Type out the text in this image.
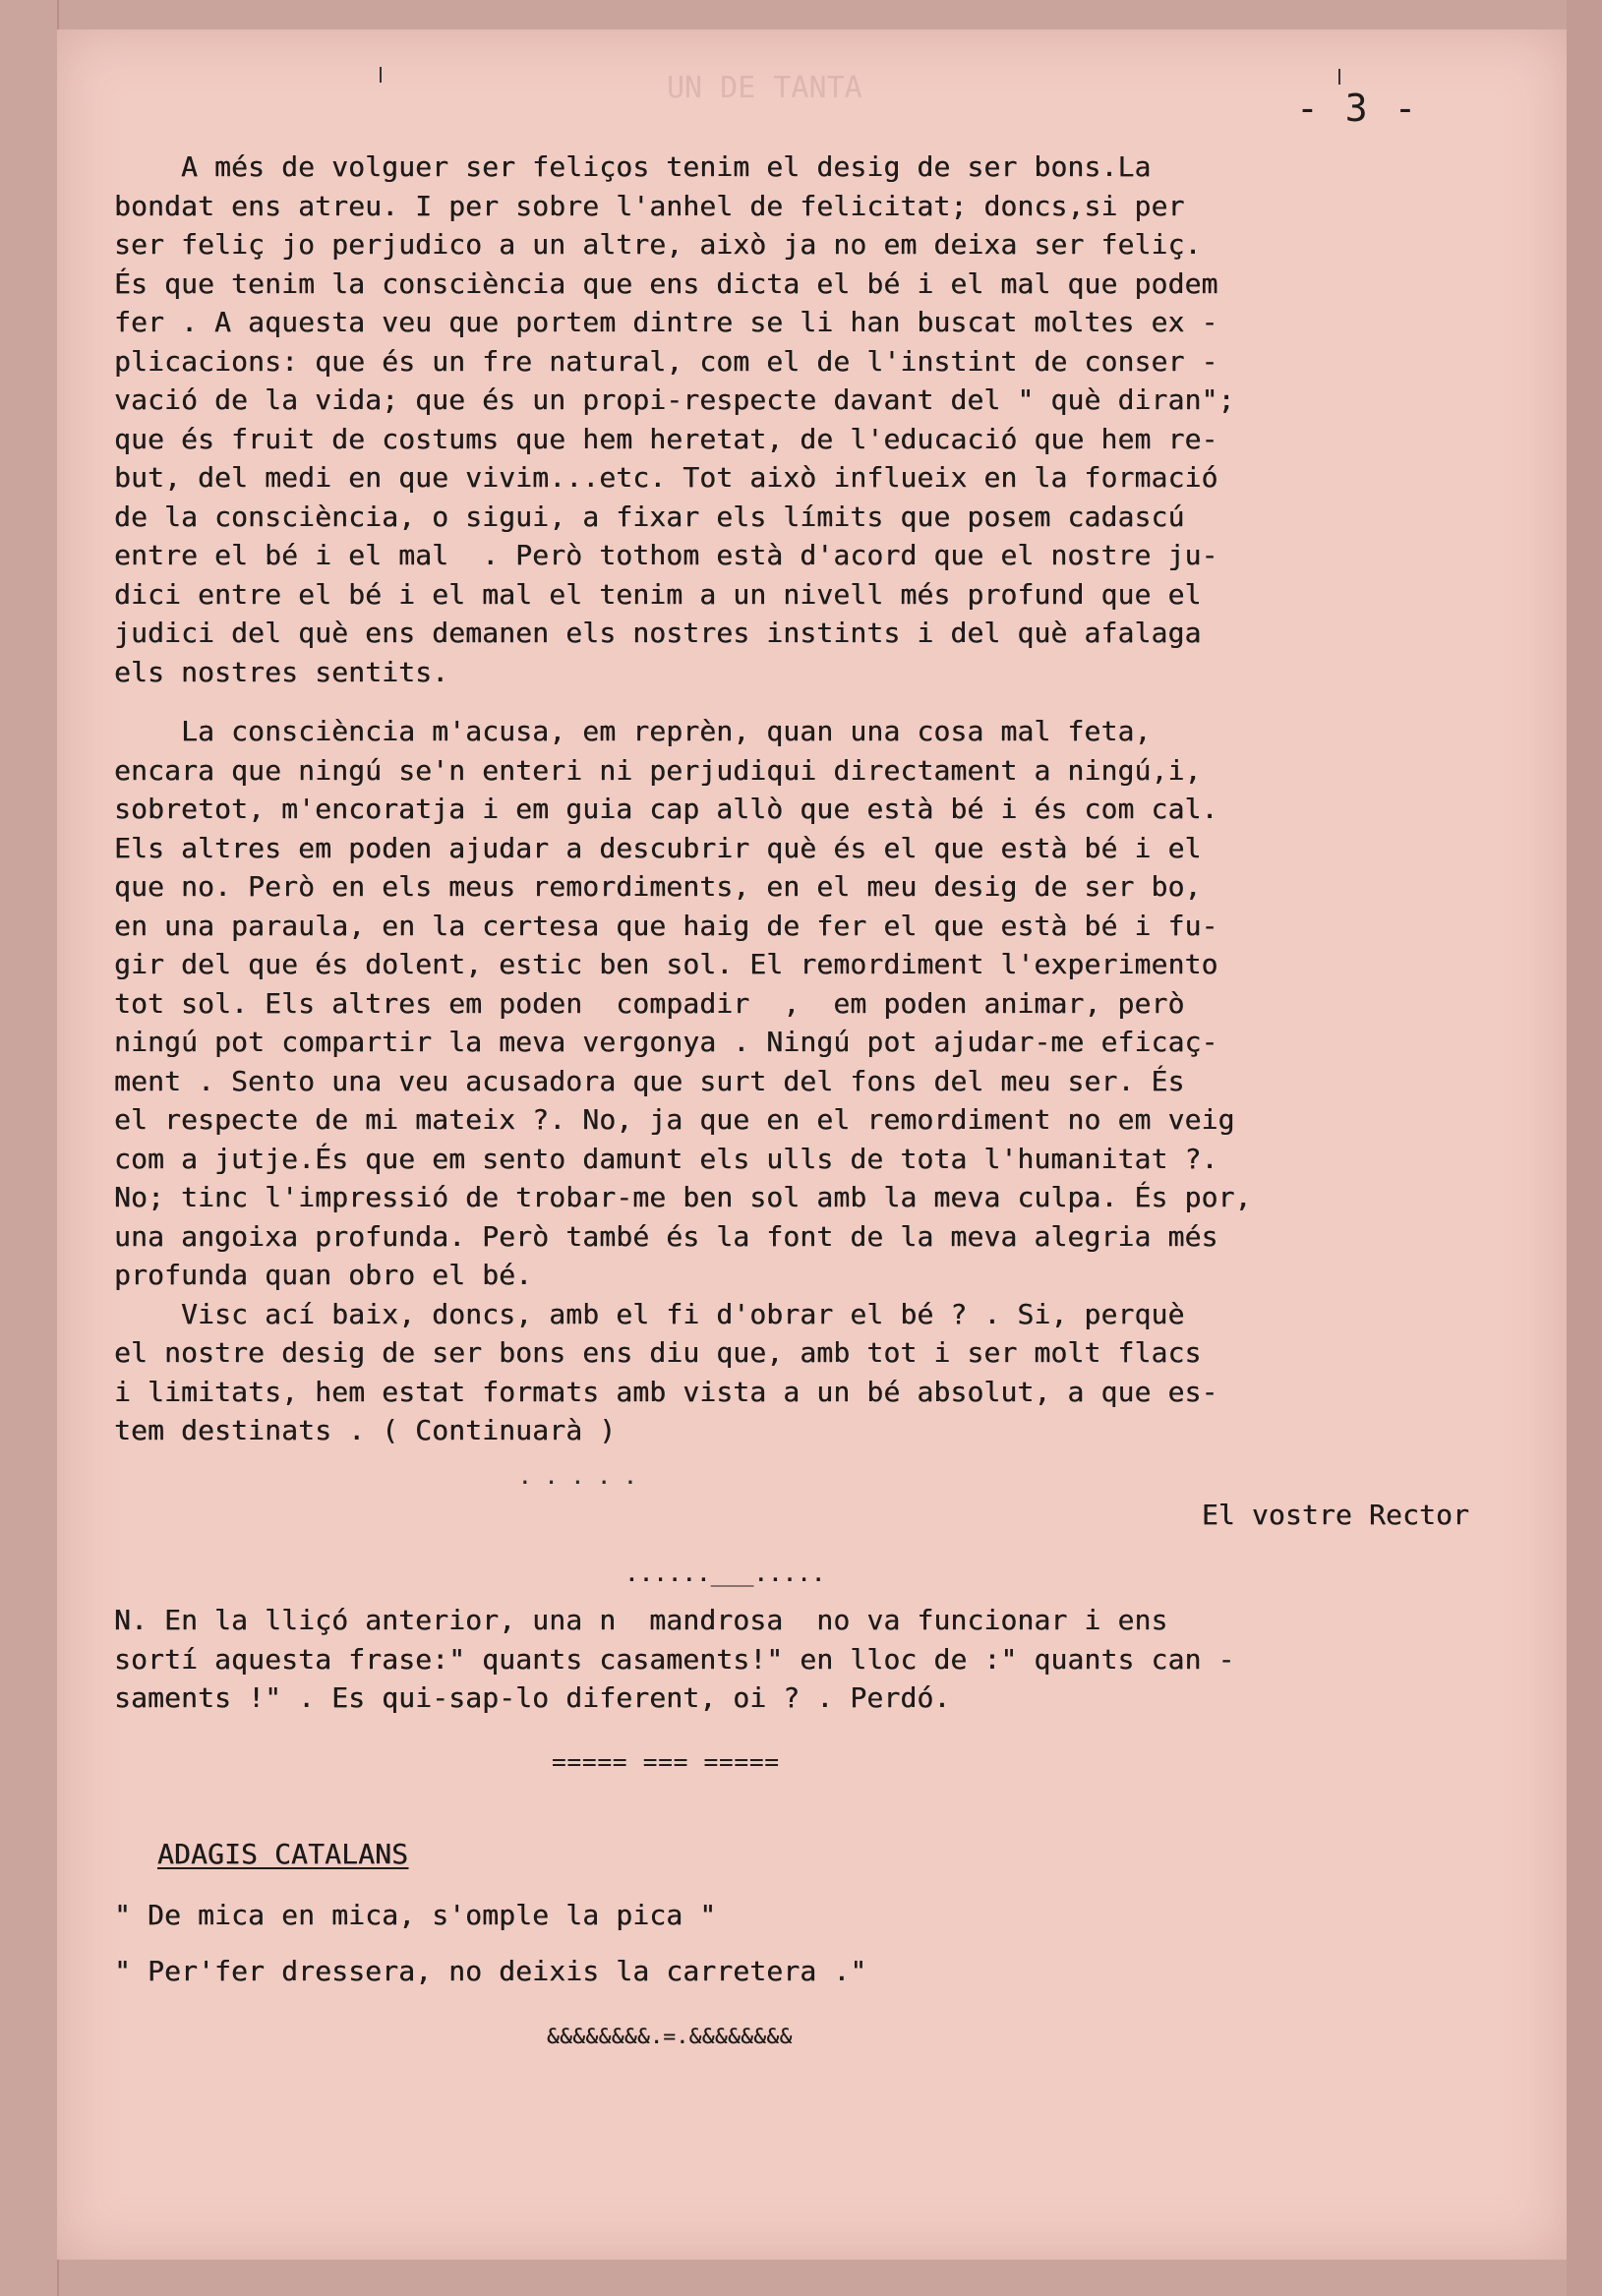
UN DE TANTA	- 3 -

A més de volguer ser feliços tenim el desig de ser bons.La
bondat ens atreu. I per sobre l'anhel de felicitat; doncs,si per
ser feliç jo perjudico a un altre, això ja no em deixa ser feliç.
És que tenim la consciència que ens dicta el bé i el mal que podem
fer . A aquesta veu que portem dintre se li han buscat moltes ex -
plicacions: que és un fre natural, com el de l'instint de conser -
vació de la vida; que és un propi-respecte davant del " què diran";
que és fruit de costums que hem heretat, de l'educació que hem re-
but, del medi en que vivim...etc. Tot això influeix en la formació
de la consciència, o sigui, a fixar els límits que posem cadascú
entre el bé i el mal  . Però tothom està d'acord que el nostre ju-
dici entre el bé i el mal el tenim a un nivell més profund que el
judici del què ens demanen els nostres instints i del què afalaga
els nostres sentits.

La consciència m'acusa, em reprèn, quan una cosa mal feta,
encara que ningú se'n enteri ni perjudiqui directament a ningú,i,
sobretot, m'encoratja i em guia cap allò que està bé i és com cal.
Els altres em poden ajudar a descubrir què és el que està bé i el
que no. Però en els meus remordiments, en el meu desig de ser bo,
en una paraula, en la certesa que haig de fer el que està bé i fu-
gir del que és dolent, estic ben sol. El remordiment l'experimento
tot sol. Els altres em poden  compadir  ,  em poden animar, però
ningú pot compartir la meva vergonya . Ningú pot ajudar-me eficaç-
ment . Sento una veu acusadora que surt del fons del meu ser. És
el respecte de mi mateix ?. No, ja que en el remordiment no em veig
com a jutje.És que em sento damunt els ulls de tota l'humanitat ?.
No; tinc l'impressió de trobar-me ben sol amb la meva culpa. És por,
una angoixa profunda. Però també és la font de la meva alegria més
profunda quan obro el bé.

Visc ací baix, doncs, amb el fi d'obrar el bé ? . Si, perquè
el nostre desig de ser bons ens diu que, amb tot i ser molt flacs
i limitats, hem estat formats amb vista a un bé absolut, a que es-
tem destinats . ( Continuarà )

. . . . .

El vostre Rector

......___.....

N. En la lliçó anterior, una n  mandrosa  no va funcionar i ens
sortí aquesta frase:" quants casaments!" en lloc de :" quants can -
saments !" . Es qui-sap-lo diferent, oi ? . Perdó.

===== === =====

ADAGIS CATALANS

" De mica en mica, s'omple la pica "

" Per'fer dressera, no deixis la carretera ."

&&&&&&&&.=.&&&&&&&&
